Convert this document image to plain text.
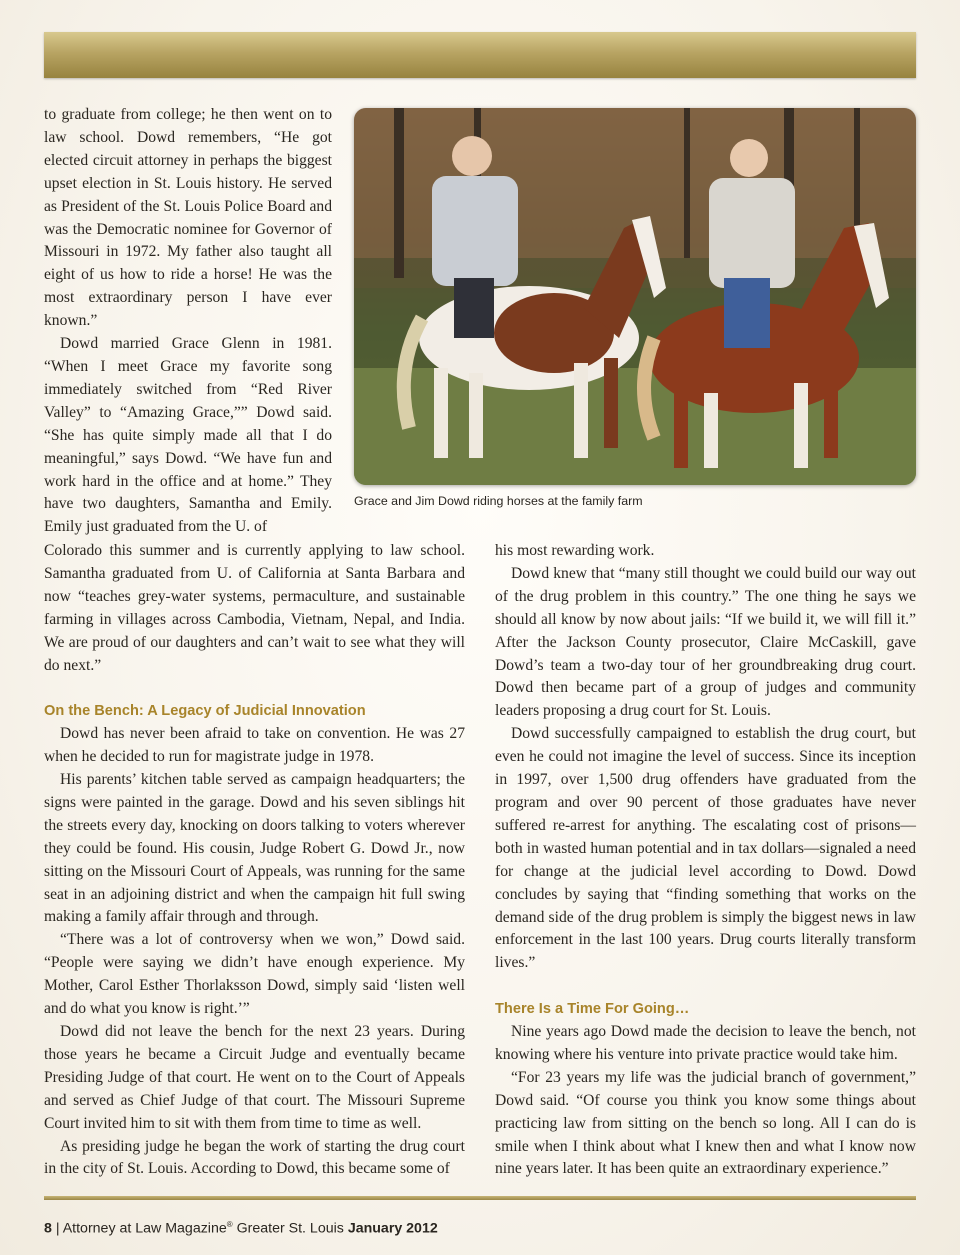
to graduate from college; he then went on to law school. Dowd remembers, “He got elected circuit attorney in perhaps the biggest upset election in St. Louis history. He served as President of the St. Louis Police Board and was the Democratic nominee for Governor of Missouri in 1972. My father also taught all eight of us how to ride a horse! He was the most extraordinary person I have ever known.”

Dowd married Grace Glenn in 1981. “When I meet Grace my favorite song immediately switched from “Red River Valley” to “Amazing Grace,”” Dowd said. “She has quite simply made all that I do meaningful,” says Dowd. “We have fun and work hard in the office and at home.” They have two daughters, Samantha and Emily. Emily just graduated from the U. of

Grace and Jim Dowd riding horses at the family farm

Colorado this summer and is currently applying to law school. Samantha graduated from U. of California at Santa Barbara and now “teaches grey-water systems, permaculture, and sustainable farming in villages across Cambodia, Vietnam, Nepal, and India. We are proud of our daughters and can’t wait to see what they will do next.”

On the Bench: A Legacy of Judicial Innovation

Dowd has never been afraid to take on convention. He was 27 when he decided to run for magistrate judge in 1978.

His parents’ kitchen table served as campaign headquarters; the signs were painted in the garage. Dowd and his seven siblings hit the streets every day, knocking on doors talking to voters wherever they could be found. His cousin, Judge Robert G. Dowd Jr., now sitting on the Missouri Court of Appeals, was running for the same seat in an adjoining district and when the campaign hit full swing making a family affair through and through.

“There was a lot of controversy when we won,” Dowd said. “People were saying we didn’t have enough experience. My Mother, Carol Esther Thorlaksson Dowd, simply said ‘listen well and do what you know is right.’”

Dowd did not leave the bench for the next 23 years. During those years he became a Circuit Judge and eventually became Presiding Judge of that court. He went on to the Court of Appeals and served as Chief Judge of that court. The Missouri Supreme Court invited him to sit with them from time to time as well.

As presiding judge he began the work of starting the drug court in the city of St. Louis. According to Dowd, this became some of

his most rewarding work.

Dowd knew that “many still thought we could build our way out of the drug problem in this country.” The one thing he says we should all know by now about jails: “If we build it, we will fill it.” After the Jackson County prosecutor, Claire McCaskill, gave Dowd’s team a two-day tour of her groundbreaking drug court. Dowd then became part of a group of judges and community leaders proposing a drug court for St. Louis.

Dowd successfully campaigned to establish the drug court, but even he could not imagine the level of success. Since its inception in 1997, over 1,500 drug offenders have graduated from the program and over 90 percent of those graduates have never suffered re-arrest for anything. The escalating cost of prisons—both in wasted human potential and in tax dollars—signaled a need for change at the judicial level according to Dowd. Dowd concludes by saying that “finding something that works on the demand side of the drug problem is simply the biggest news in law enforcement in the last 100 years. Drug courts literally transform lives.”

There Is a Time For Going…

Nine years ago Dowd made the decision to leave the bench, not knowing where his venture into private practice would take him.

“For 23 years my life was the judicial branch of government,” Dowd said. “Of course you think you know some things about practicing law from sitting on the bench so long. All I can do is smile when I think about what I knew then and what I know now nine years later. It has been quite an extraordinary experience.”

8 | Attorney at Law Magazine® Greater St. Louis January 2012
